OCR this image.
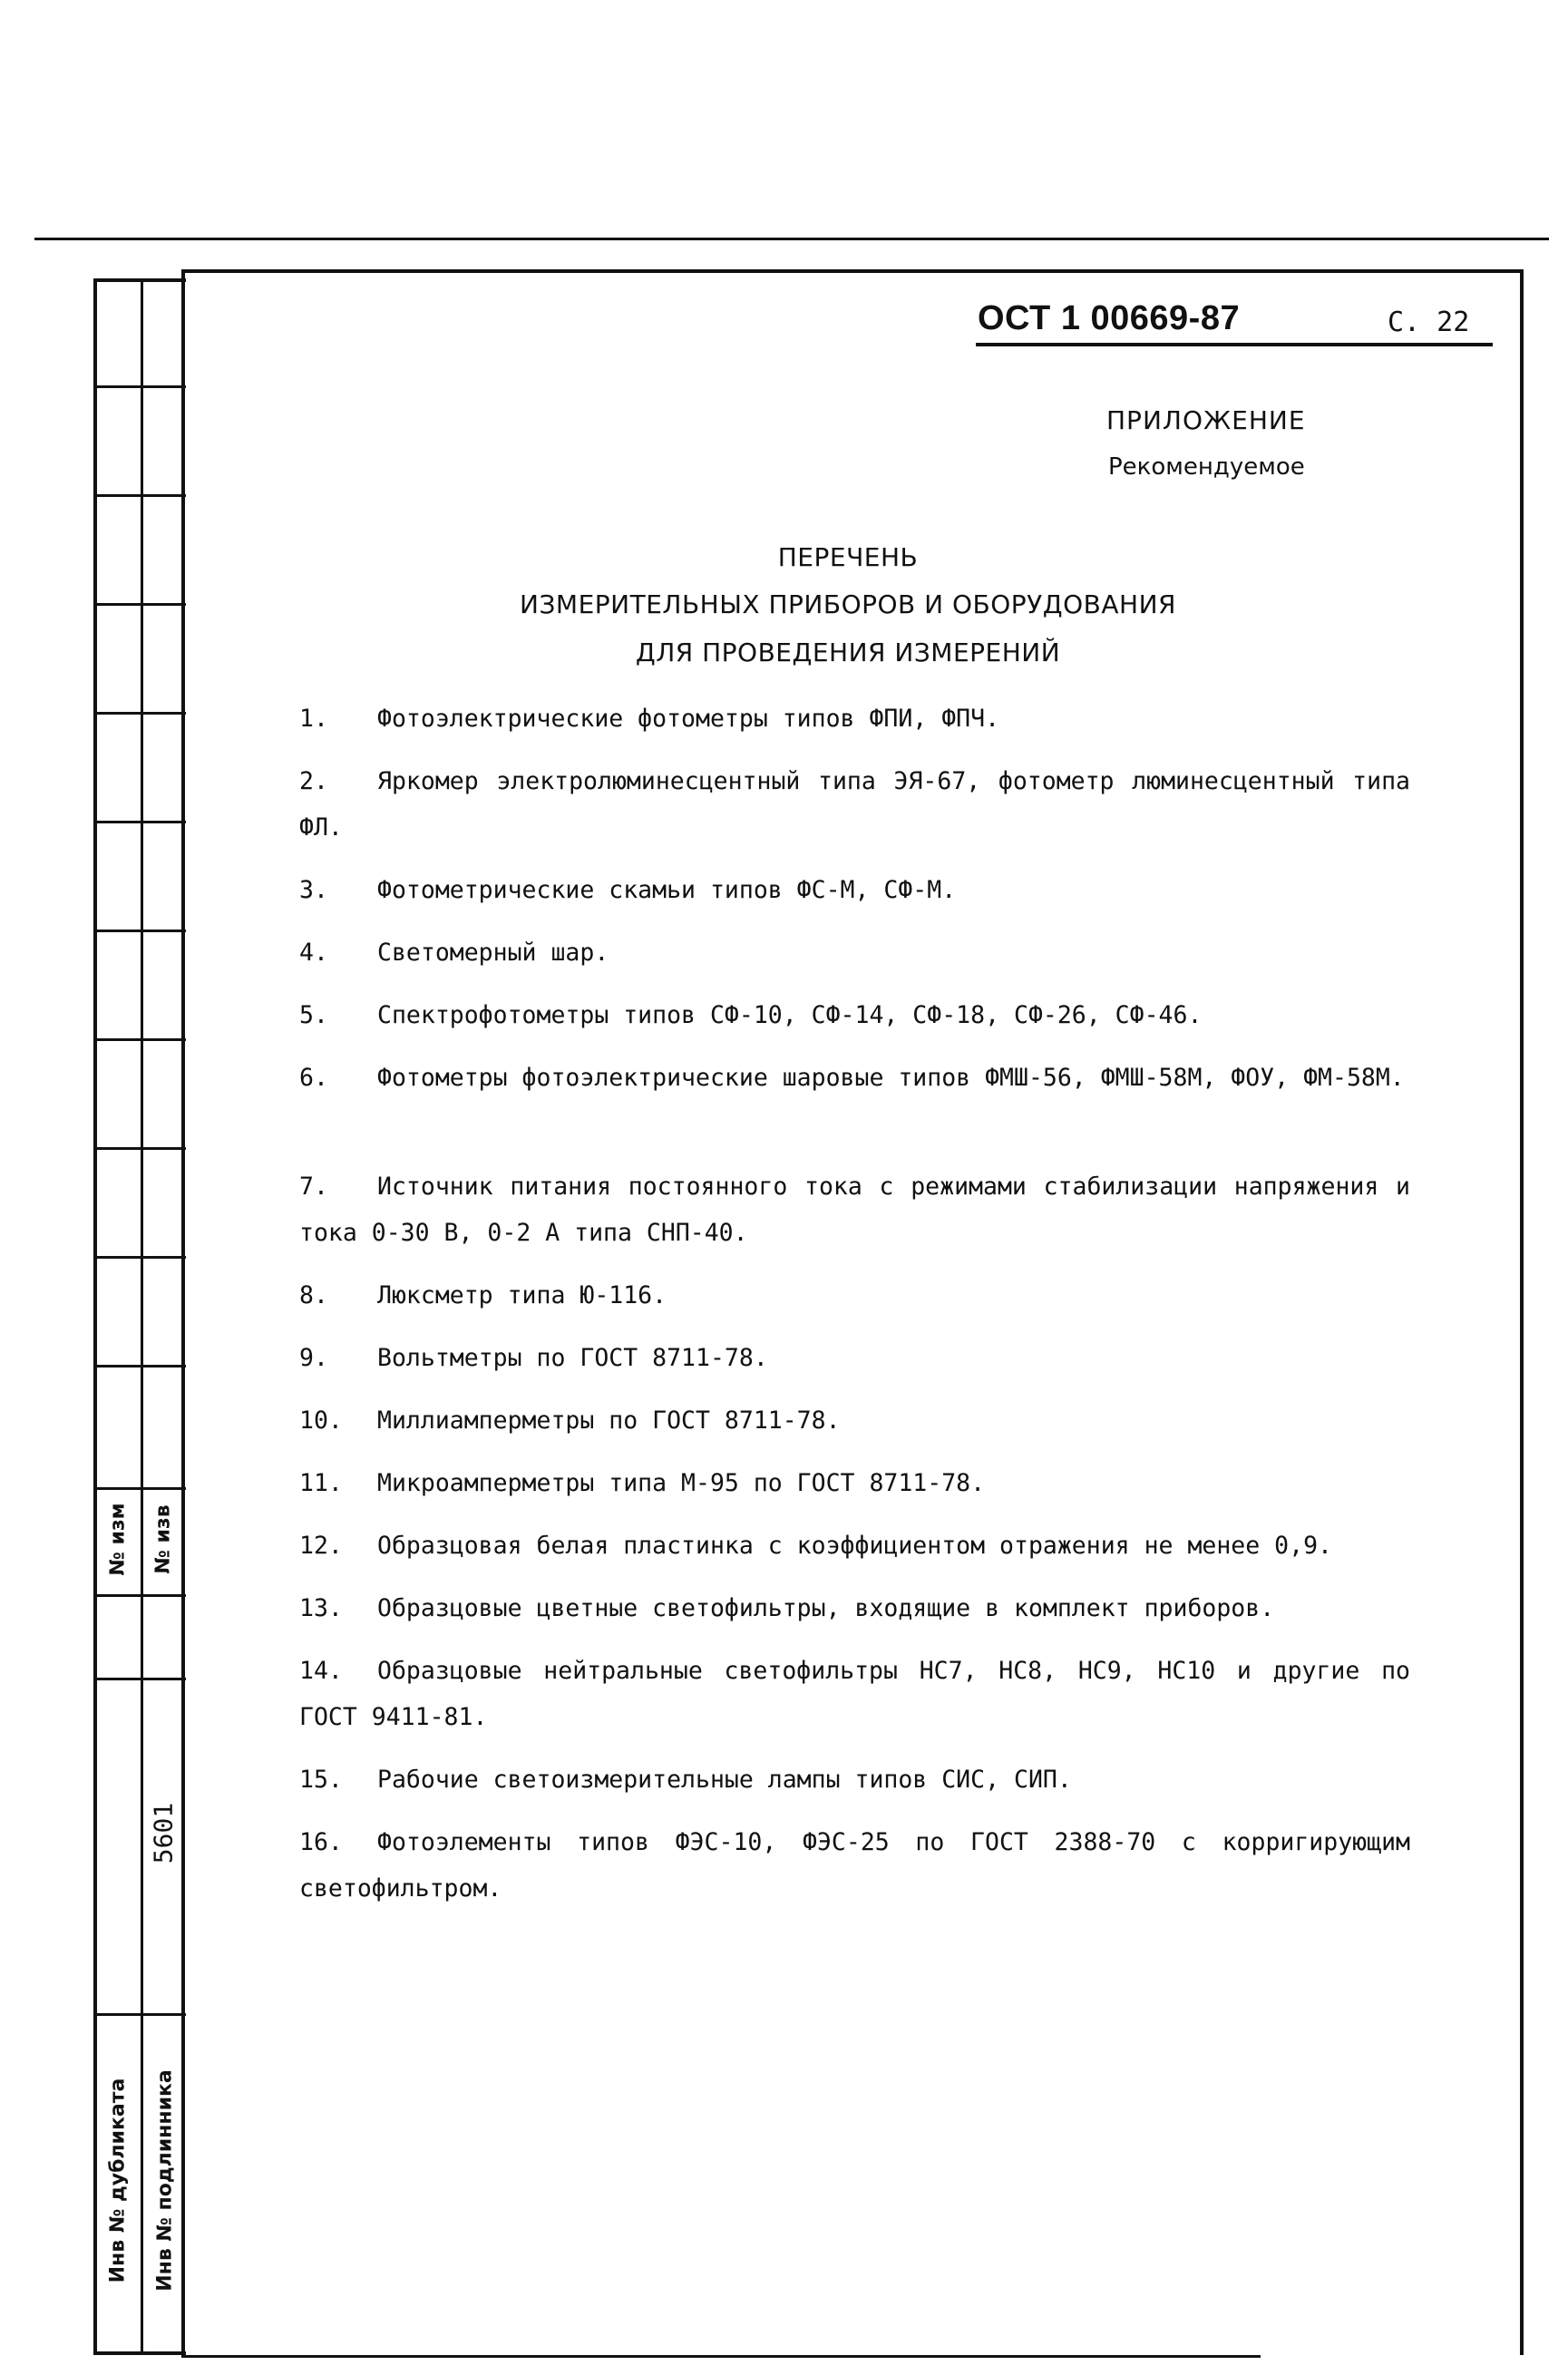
№ изм № изв
5601
Инв № дубликата Инв № подлинника
ОСТ 1 00669-87	С. 22
ПРИЛОЖЕНИЕ
Рекомендуемое
ПЕРЕЧЕНЬ
ИЗМЕРИТЕЛЬНЫХ ПРИБОРОВ И ОБОРУДОВАНИЯ
ДЛЯ ПРОВЕДЕНИЯ ИЗМЕРЕНИЙ
1. Фотоэлектрические фотометры типов ФПИ, ФПЧ.
2. Яркомер электролюминесцентный типа ЭЯ-67, фотометр люминесцентный типа ФЛ.
3. Фотометрические скамьи типов ФС-М, СФ-М.
4. Светомерный шар.
5. Спектрофотометры типов СФ-10, СФ-14, СФ-18, СФ-26, СФ-46.
6. Фотометры фотоэлектрические шаровые типов ФМШ-56, ФМШ-58М, ФОУ, ФМ-58М.
7. Источник питания постоянного тока с режимами стабилизации напряжения и тока 0-30 В, 0-2 А типа СНП-40.
8. Люксметр типа Ю-116.
9. Вольтметры по ГОСТ 8711-78.
10. Миллиамперметры по ГОСТ 8711-78.
11. Микроамперметры типа М-95 по ГОСТ 8711-78.
12. Образцовая белая пластинка с коэффициентом отражения не менее 0,9.
13. Образцовые цветные светофильтры, входящие в комплект приборов.
14. Образцовые нейтральные светофильтры НС7, НС8, НС9, НС10 и другие по ГОСТ 9411-81.
15. Рабочие светоизмерительные лампы типов СИС, СИП.
16. Фотоэлементы типов ФЭС-10, ФЭС-25 по ГОСТ 2388-70 с корригирующим светофильтром.
